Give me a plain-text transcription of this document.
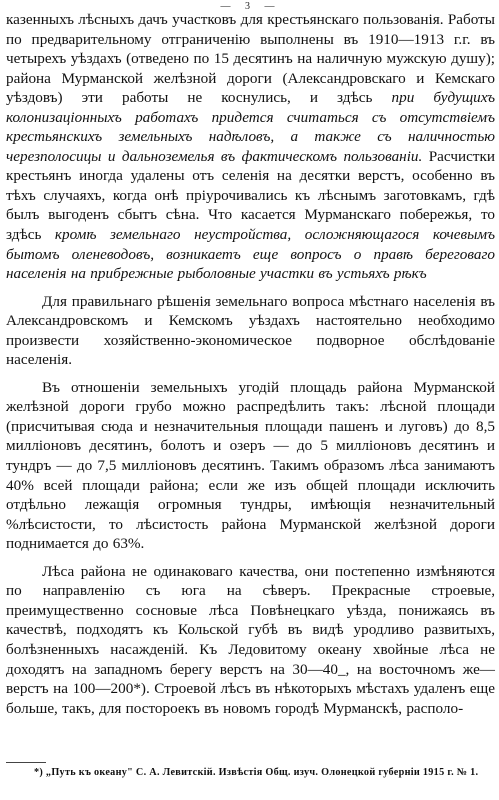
— 3 —

казенныхъ лѣсныхъ дачъ участковъ для крестьянскаго пользованія. Работы по предварительному отграниченію выполнены въ 1910—1913 г.г. въ четырехъ уѣздахъ (отведено по 15 десятинъ на наличную мужскую душу); района Мурманской желѣзной дороги (Александровскаго и Кемскаго уѣздовъ) эти работы не коснулись, и здѣсь при будущихъ колонизаціонныхъ работахъ придется считаться съ отсутствіемъ крестьянскихъ земельныхъ надѣловъ, а также съ наличностью черезполосицы и дальноземелья въ фактическомъ пользованіи. Расчистки крестьянъ иногда удалены отъ селенія на десятки верстъ, особенно въ тѣхъ случаяхъ, когда онѣ пріурочивались къ лѣснымъ заготовкамъ, гдѣ былъ выгоденъ сбытъ сѣна. Что касается Мурманскаго побережья, то здѣсь кромѣ земельнаго неустройства, осложняющагося кочевымъ бытомъ оленеводовъ, возникаетъ еще вопросъ о правѣ береговаго населенія на прибрежные рыболовные участки въ устьяхъ рѣкъ

Для правильнаго рѣшенія земельнаго вопроса мѣстнаго населенія въ Александровскомъ и Кемскомъ уѣздахъ настоятельно необходимо произвести хозяйственно-экономическое подворное обслѣдованіе населенія.

Въ отношеніи земельныхъ угодій площадь района Мурманской желѣзной дороги грубо можно распредѣлить такъ: лѣсной площади (присчитывая сюда и незначительныя площади пашенъ и луговъ) до 8,5 милліоновъ десятинъ, болотъ и озеръ — до 5 милліоновъ десятинъ и тундръ — до 7,5 милліоновъ десятинъ. Такимъ образомъ лѣса занимаютъ 40% всей площади района; если же изъ общей площади исключить отдѣльно лежащія огромныя тундры, имѣющія незначительный %лѣсистости, то лѣсистость района Мурманской желѣзной дороги поднимается до 63%.

Лѣса района не одинаковаго качества, они постепенно измѣняются по направленію съ юга на сѣверъ. Прекрасные строевые, преимущественно сосновые лѣса Повѣнецкаго уѣзда, понижаясь въ качествѣ, подходятъ къ Кольской губѣ въ видѣ уродливо развитыхъ, болѣзненныхъ насажденій. Къ Ледовитому океану хвойные лѣса не доходятъ на западномъ берегу верстъ на 30—40_, на восточномъ же—верстъ на 100—200*). Строевой лѣсъ въ нѣкоторыхъ мѣстахъ удаленъ еще больше, такъ, для постороекъ въ новомъ городѣ Мурманскѣ, располо-

*) „Путь къ океану" С. А. Левитскій. Извѣстія Общ. изуч. Олонецкой губерніи 1915 г. № 1.
